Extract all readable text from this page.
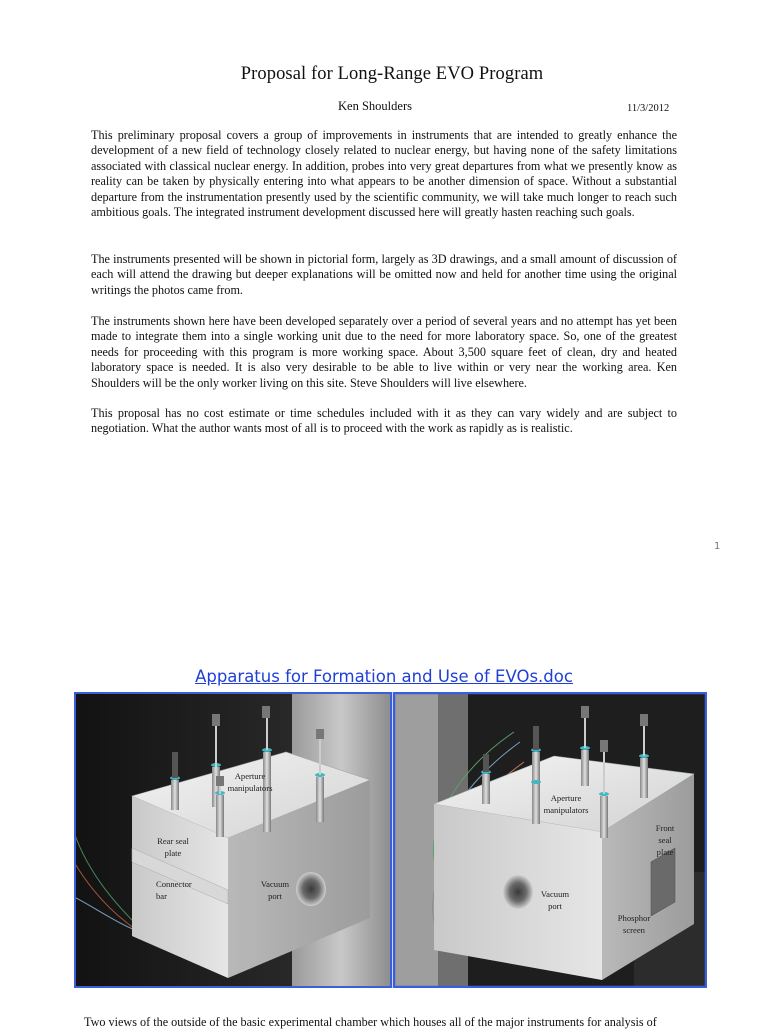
Proposal for Long-Range EVO Program
Ken Shoulders	11/3/2012

This preliminary proposal covers a group of improvements in instruments that are intended to greatly enhance the development of a new field of technology closely related to nuclear energy, but having none of the safety limitations associated with classical nuclear energy. In addition, probes into very great departures from what we presently know as reality can be taken by physically entering into what appears to be another dimension of space. Without a substantial departure from the instrumentation presently used by the scientific community, we will take much longer to reach such ambitious goals. The integrated instrument development discussed here will greatly hasten reaching such goals.

The instruments presented will be shown in pictorial form, largely as 3D drawings, and a small amount of discussion of each will attend the drawing but deeper explanations will be omitted now and held for another time using the original writings the photos came from.

The instruments shown here have been developed separately over a period of several years and no attempt has yet been made to integrate them into a single working unit due to the need for more laboratory space. So, one of the greatest needs for proceeding with this program is more working space. About 3,500 square feet of clean, dry and heated laboratory space is needed. It is also very desirable to be able to live within or very near the working area. Ken Shoulders will be the only worker living on this site. Steve Shoulders will live elsewhere.

This proposal has no cost estimate or time schedules included with it as they can vary widely and are subject to negotiation. What the author wants most of all is to proceed with the work as rapidly as is realistic.

1
Apparatus for Formation and Use of EVOs.doc
Aperture
manipulators
Rear seal
plate
Connector
bar
Vacuum
port
Aperture
manipulators
Front
seal
plate
Vacuum
port
Phosphor
screen
Two views of the outside of the basic experimental chamber which houses all of the major instruments for analysis of
